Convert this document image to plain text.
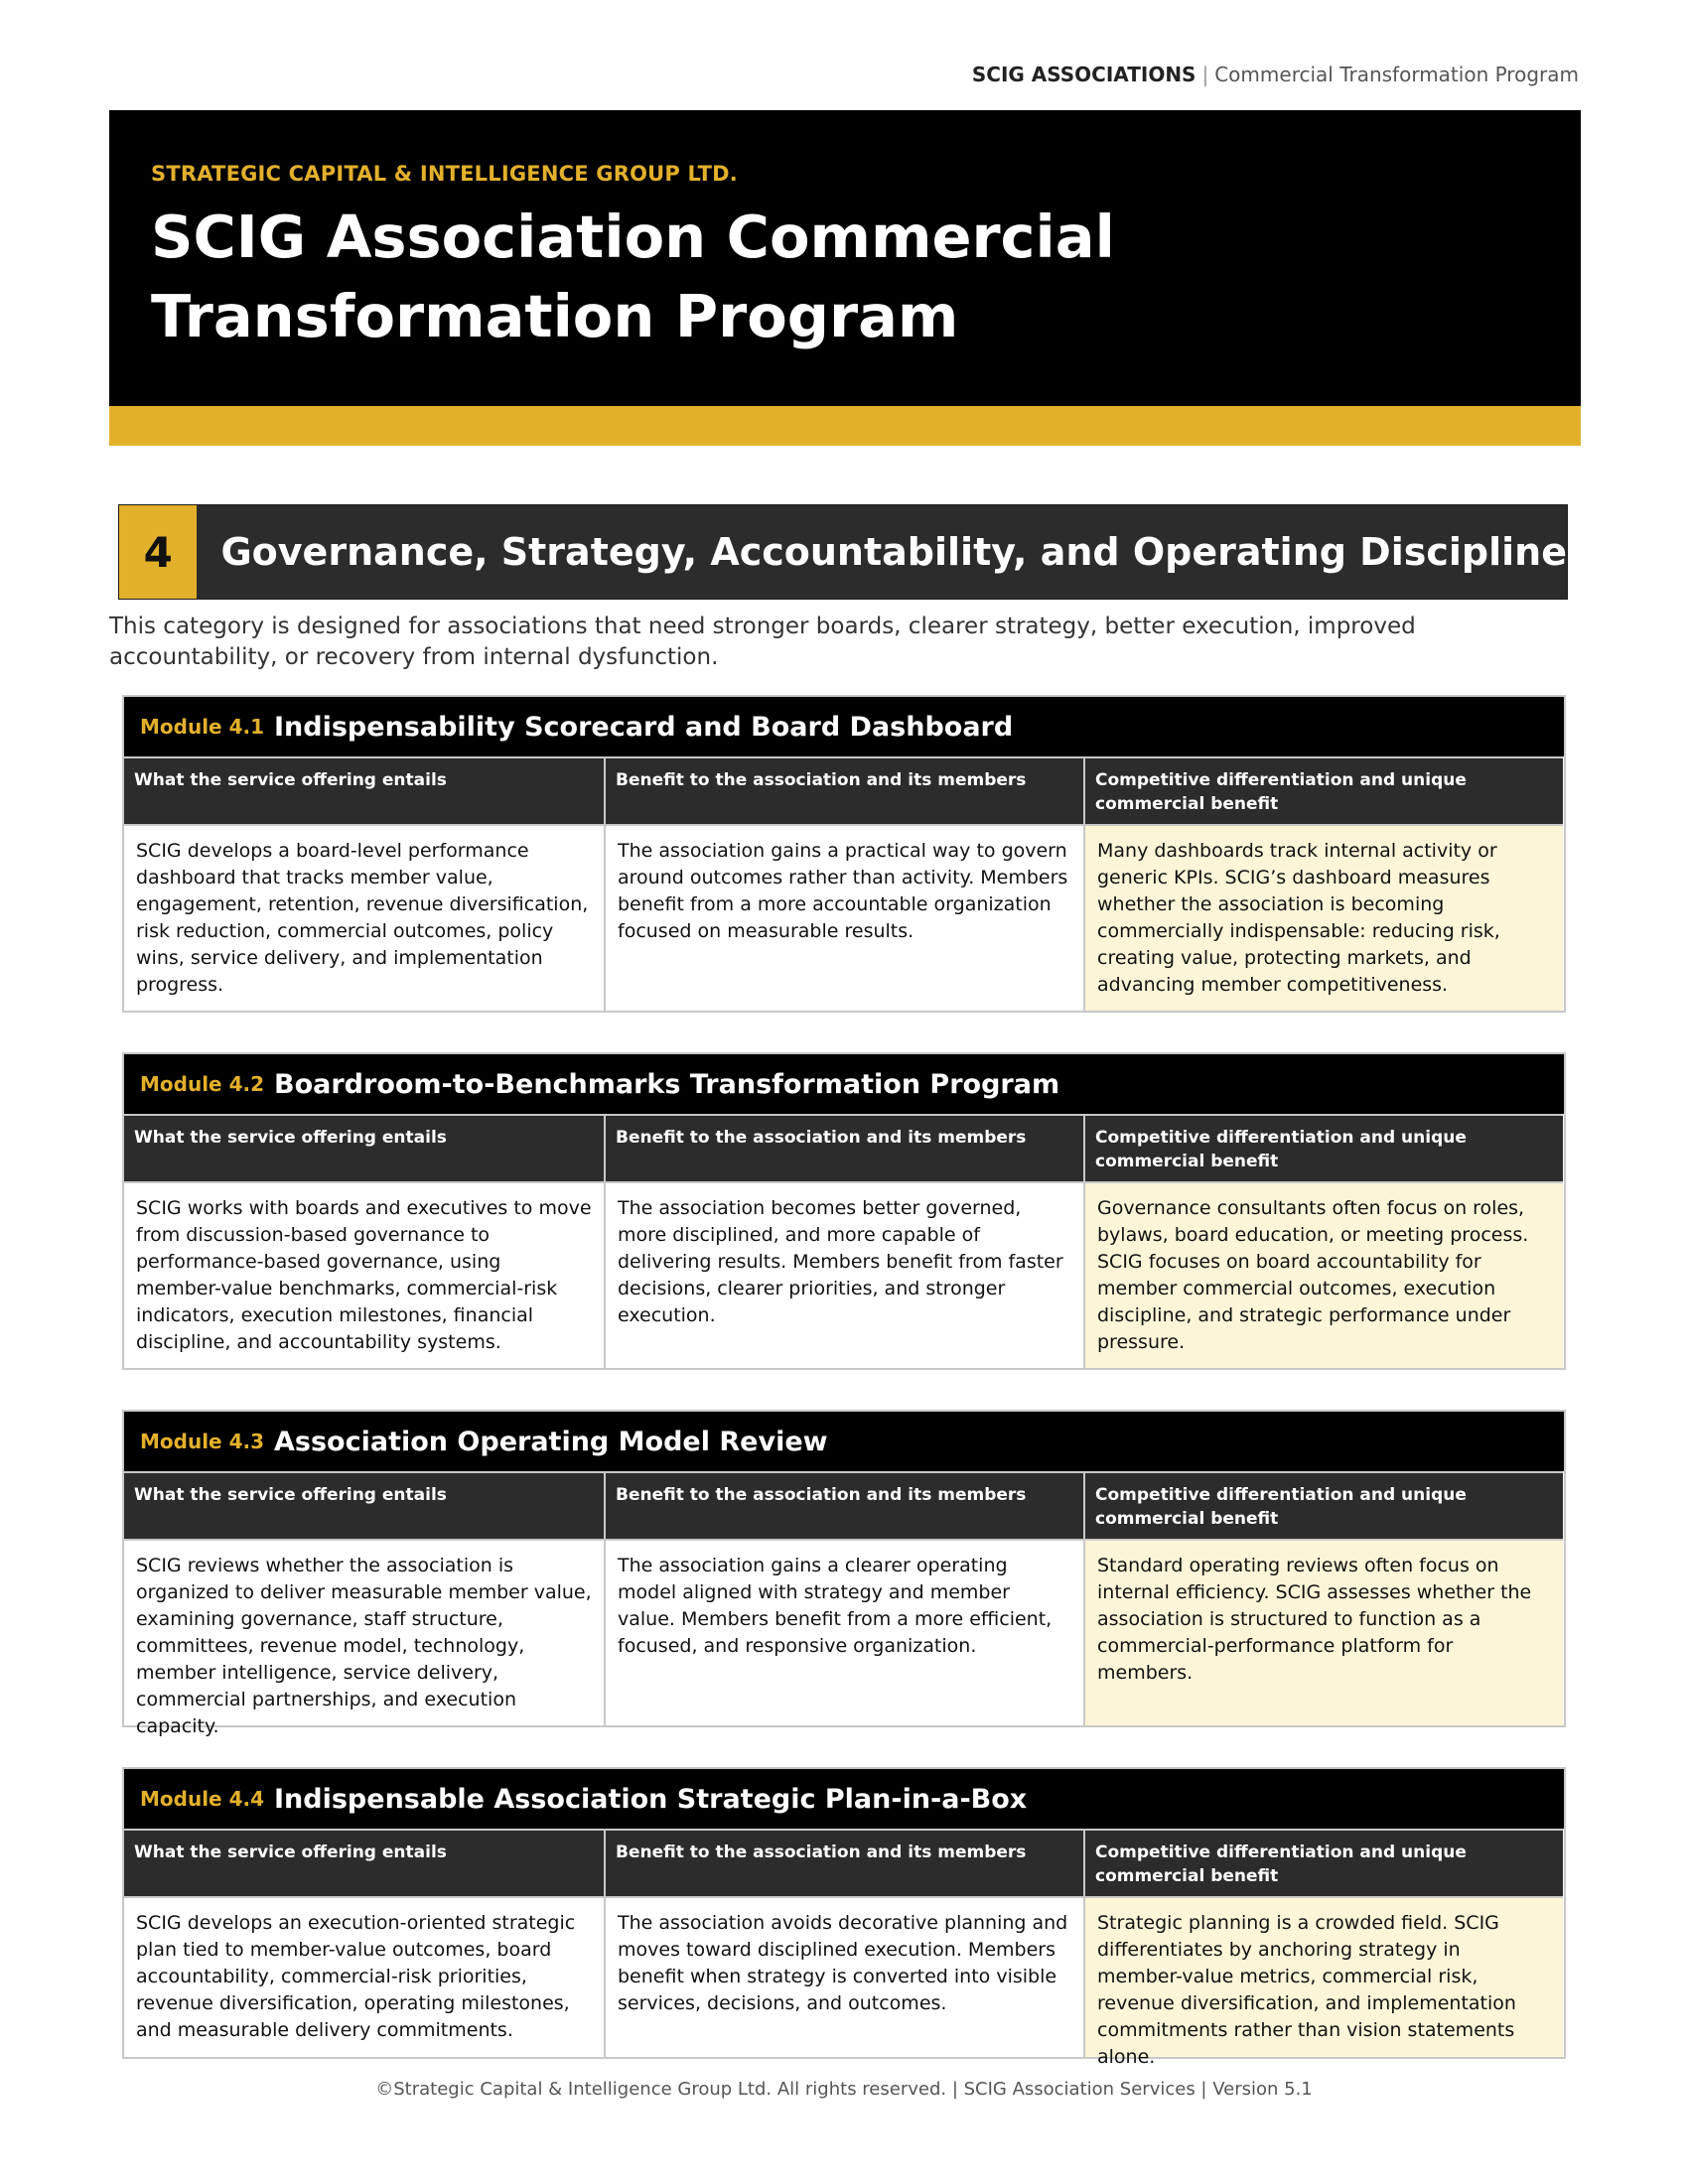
SCIG ASSOCIATIONS | Commercial Transformation Program
STRATEGIC CAPITAL & INTELLIGENCE GROUP LTD.
SCIG Association Commercial Transformation Program
4	Governance, Strategy, Accountability, and Operating Discipline
This category is designed for associations that need stronger boards, clearer strategy, better execution, improved accountability, or recovery from internal dysfunction.
Module 4.1 Indispensability Scorecard and Board Dashboard
What the service offering entails
SCIG develops a board-level performance dashboard that tracks member value, engagement, retention, revenue diversification, risk reduction, commercial outcomes, policy wins, service delivery, and implementation progress.
Benefit to the association and its members
The association gains a practical way to govern around outcomes rather than activity. Members benefit from a more accountable organization focused on measurable results.
Competitive differentiation and unique commercial benefit
Many dashboards track internal activity or generic KPIs. SCIG’s dashboard measures whether the association is becoming commercially indispensable: reducing risk, creating value, protecting markets, and advancing member competitiveness.
Module 4.2 Boardroom-to-Benchmarks Transformation Program
What the service offering entails
SCIG works with boards and executives to move from discussion-based governance to performance-based governance, using member-value benchmarks, commercial-risk indicators, execution milestones, financial discipline, and accountability systems.
Benefit to the association and its members
The association becomes better governed, more disciplined, and more capable of delivering results. Members benefit from faster decisions, clearer priorities, and stronger execution.
Competitive differentiation and unique commercial benefit
Governance consultants often focus on roles, bylaws, board education, or meeting process. SCIG focuses on board accountability for member commercial outcomes, execution discipline, and strategic performance under pressure.
Module 4.3 Association Operating Model Review
What the service offering entails
SCIG reviews whether the association is organized to deliver measurable member value, examining governance, staff structure, committees, revenue model, technology, member intelligence, service delivery, commercial partnerships, and execution capacity.
Benefit to the association and its members
The association gains a clearer operating model aligned with strategy and member value. Members benefit from a more efficient, focused, and responsive organization.
Competitive differentiation and unique commercial benefit
Standard operating reviews often focus on internal efficiency. SCIG assesses whether the association is structured to function as a commercial-performance platform for members.
Module 4.4 Indispensable Association Strategic Plan-in-a-Box
What the service offering entails
SCIG develops an execution-oriented strategic plan tied to member-value outcomes, board accountability, commercial-risk priorities, revenue diversification, operating milestones, and measurable delivery commitments.
Benefit to the association and its members
The association avoids decorative planning and moves toward disciplined execution. Members benefit when strategy is converted into visible services, decisions, and outcomes.
Competitive differentiation and unique commercial benefit
Strategic planning is a crowded field. SCIG differentiates by anchoring strategy in member-value metrics, commercial risk, revenue diversification, and implementation commitments rather than vision statements alone.
©Strategic Capital & Intelligence Group Ltd. All rights reserved. | SCIG Association Services | Version 5.1
